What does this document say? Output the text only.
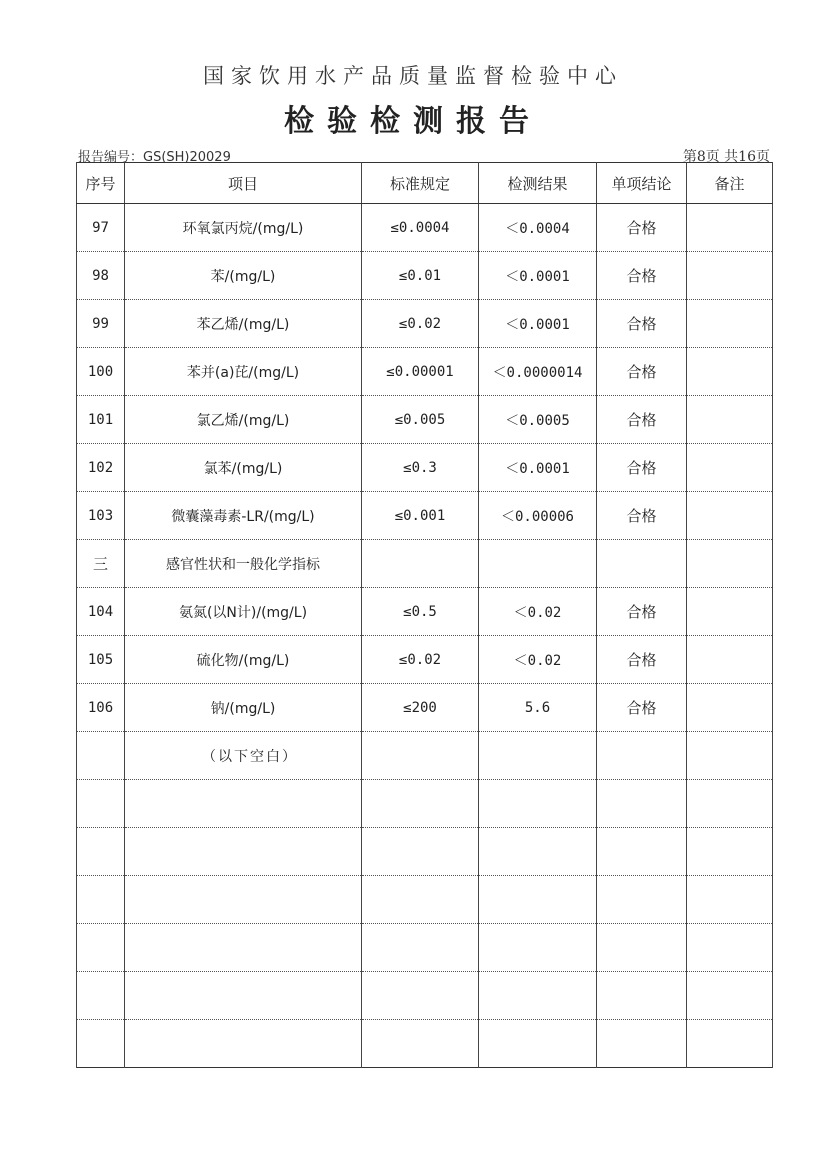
国家饮用水产品质量监督检验中心
检验检测报告
报告编号：GS(SH)20029	第8页 共16页
序号	项目	标准规定	检测结果	单项结论	备注
97	环氧氯丙烷/(mg/L)	≤0.0004	＜0.0004	合格	
98	苯/(mg/L)	≤0.01	＜0.0001	合格	
99	苯乙烯/(mg/L)	≤0.02	＜0.0001	合格	
100	苯并(a)芘/(mg/L)	≤0.00001	＜0.0000014	合格	
101	氯乙烯/(mg/L)	≤0.005	＜0.0005	合格	
102	氯苯/(mg/L)	≤0.3	＜0.0001	合格	
103	微囊藻毒素-LR/(mg/L)	≤0.001	＜0.00006	合格	
三	感官性状和一般化学指标				
104	氨氮(以N计)/(mg/L)	≤0.5	＜0.02	合格	
105	硫化物/(mg/L)	≤0.02	＜0.02	合格	
106	钠/(mg/L)	≤200	5.6	合格	
	（以下空白）				
